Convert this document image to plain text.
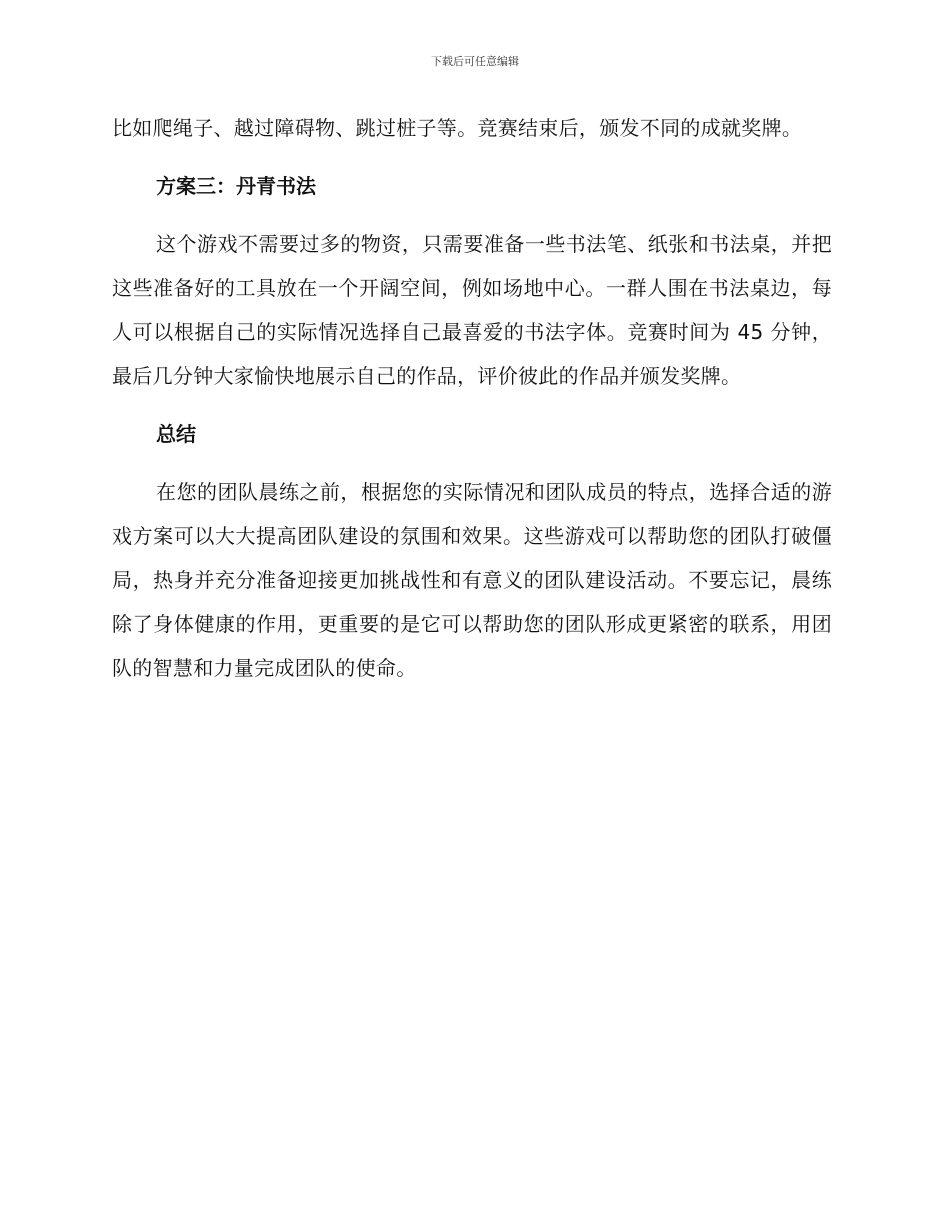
下载后可任意编辑

比如爬绳子、越过障碍物、跳过桩子等。竞赛结束后，颁发不同的成就奖牌。

方案三：丹青书法

这个游戏不需要过多的物资，只需要准备一些书法笔、纸张和书法桌，并把这些准备好的工具放在一个开阔空间，例如场地中心。一群人围在书法桌边，每人可以根据自己的实际情况选择自己最喜爱的书法字体。竞赛时间为 45 分钟，最后几分钟大家愉快地展示自己的作品，评价彼此的作品并颁发奖牌。

总结

在您的团队晨练之前，根据您的实际情况和团队成员的特点，选择合适的游戏方案可以大大提高团队建设的氛围和效果。这些游戏可以帮助您的团队打破僵局，热身并充分准备迎接更加挑战性和有意义的团队建设活动。不要忘记，晨练除了身体健康的作用，更重要的是它可以帮助您的团队形成更紧密的联系，用团队的智慧和力量完成团队的使命。
